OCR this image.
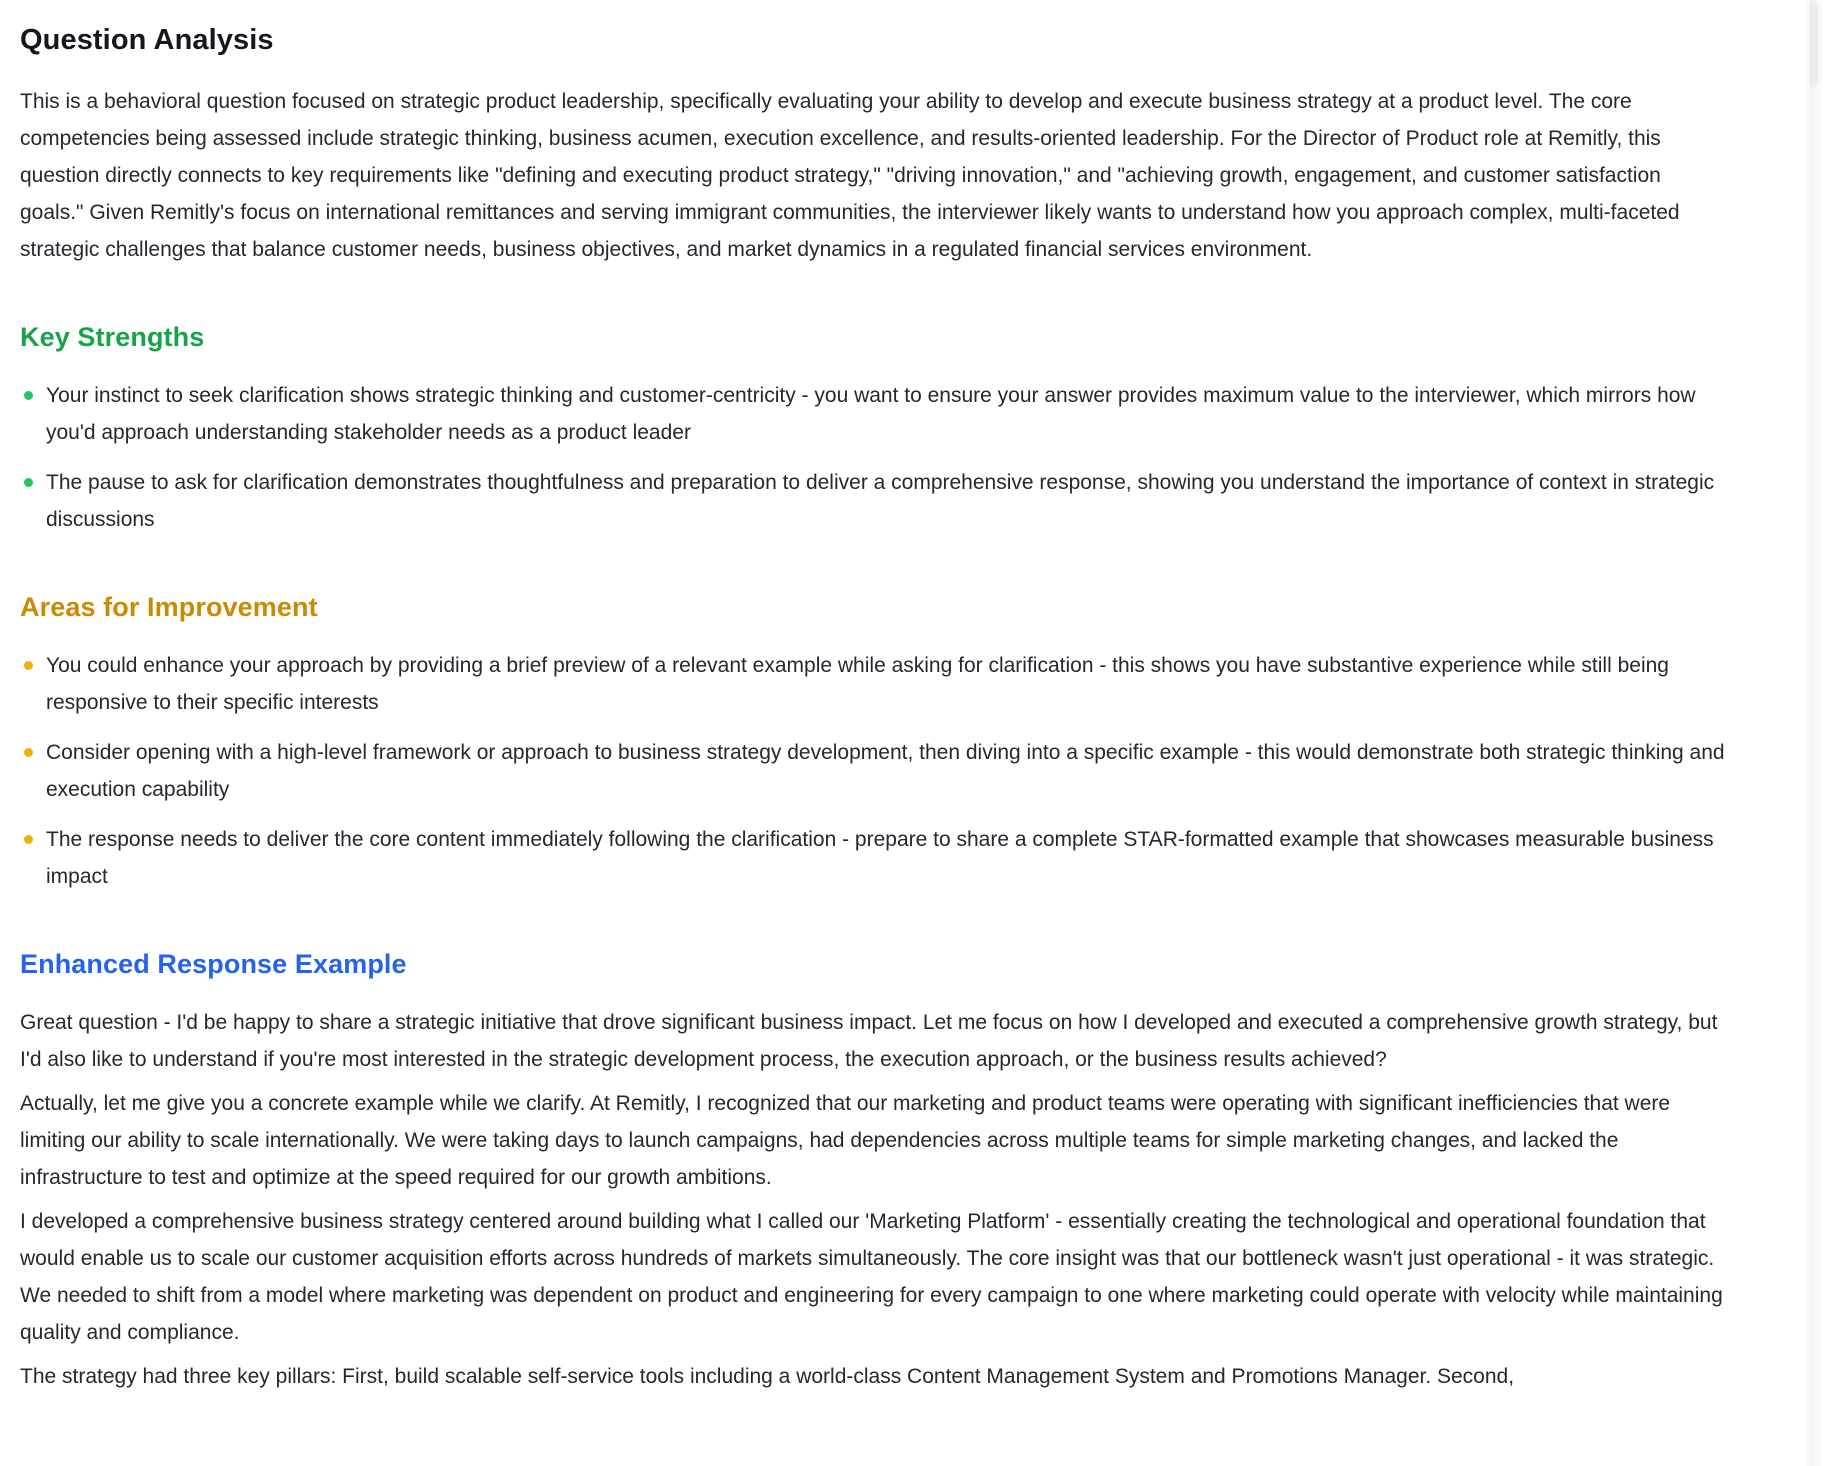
Question Analysis

This is a behavioral question focused on strategic product leadership, specifically evaluating your ability to develop and execute business strategy at a product level. The core competencies being assessed include strategic thinking, business acumen, execution excellence, and results-oriented leadership. For the Director of Product role at Remitly, this question directly connects to key requirements like "defining and executing product strategy," "driving innovation," and "achieving growth, engagement, and customer satisfaction goals." Given Remitly's focus on international remittances and serving immigrant communities, the interviewer likely wants to understand how you approach complex, multi-faceted strategic challenges that balance customer needs, business objectives, and market dynamics in a regulated financial services environment.

Key Strengths
Your instinct to seek clarification shows strategic thinking and customer-centricity - you want to ensure your answer provides maximum value to the interviewer, which mirrors how you'd approach understanding stakeholder needs as a product leader
The pause to ask for clarification demonstrates thoughtfulness and preparation to deliver a comprehensive response, showing you understand the importance of context in strategic discussions
Areas for Improvement
You could enhance your approach by providing a brief preview of a relevant example while asking for clarification - this shows you have substantive experience while still being responsive to their specific interests
Consider opening with a high-level framework or approach to business strategy development, then diving into a specific example - this would demonstrate both strategic thinking and execution capability
The response needs to deliver the core content immediately following the clarification - prepare to share a complete STAR-formatted example that showcases measurable business impact
Enhanced Response Example

Great question - I'd be happy to share a strategic initiative that drove significant business impact. Let me focus on how I developed and executed a comprehensive growth strategy, but I'd also like to understand if you're most interested in the strategic development process, the execution approach, or the business results achieved?

Actually, let me give you a concrete example while we clarify. At Remitly, I recognized that our marketing and product teams were operating with significant inefficiencies that were limiting our ability to scale internationally. We were taking days to launch campaigns, had dependencies across multiple teams for simple marketing changes, and lacked the infrastructure to test and optimize at the speed required for our growth ambitions.

I developed a comprehensive business strategy centered around building what I called our 'Marketing Platform' - essentially creating the technological and operational foundation that would enable us to scale our customer acquisition efforts across hundreds of markets simultaneously. The core insight was that our bottleneck wasn't just operational - it was strategic. We needed to shift from a model where marketing was dependent on product and engineering for every campaign to one where marketing could operate with velocity while maintaining quality and compliance.

The strategy had three key pillars: First, build scalable self-service tools including a world-class Content Management System and Promotions Manager. Second,
